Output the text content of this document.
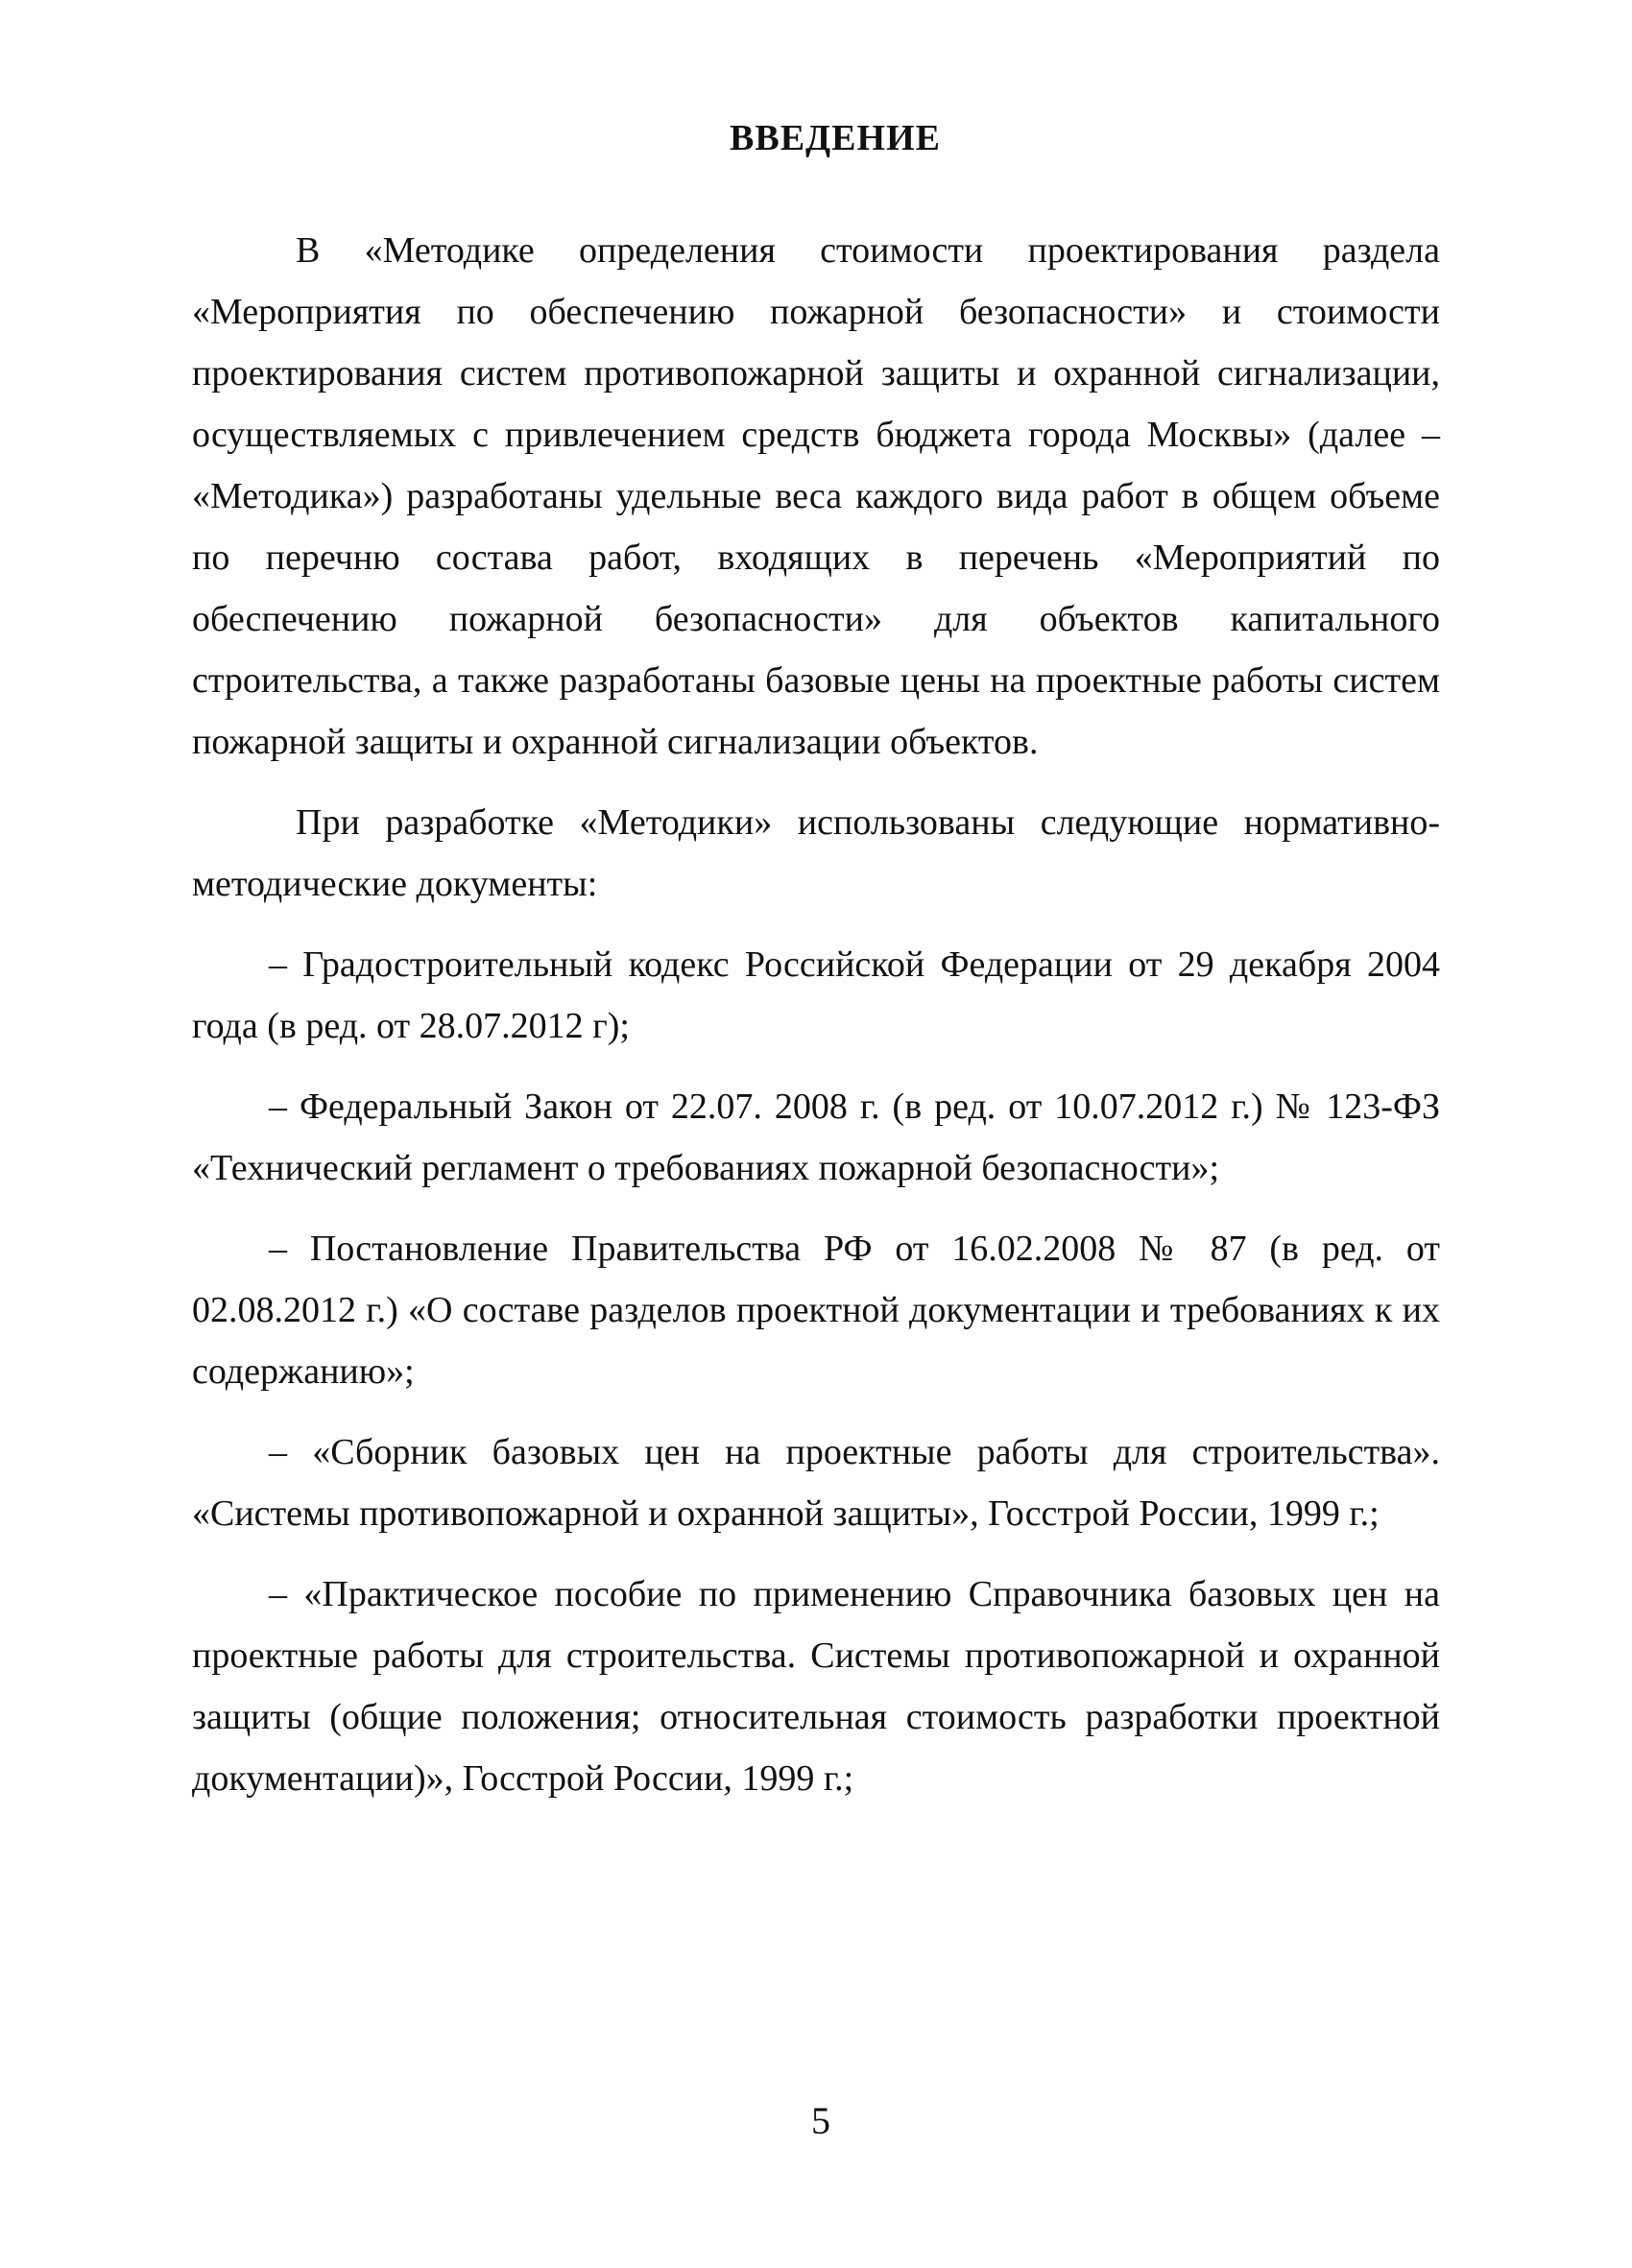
ВВЕДЕНИЕ

В «Методике определения стоимости проектирования раздела «Мероприятия по обеспечению пожарной безопасности» и стоимости проектирования систем противопожарной защиты и охранной сигнализации, осуществляемых с привлечением средств бюджета города Москвы» (далее – «Методика») разработаны удельные веса каждого вида работ в общем объеме по перечню состава работ, входящих в перечень «Мероприятий по обеспечению пожарной безопасности» для объектов капитального строительства, а также разработаны базовые цены на проектные работы систем пожарной защиты и охранной сигнализации объектов.

При разработке «Методики» использованы следующие нормативно-методические документы:

– Градостроительный кодекс Российской Федерации от 29 декабря 2004 года (в ред. от 28.07.2012 г);
– Федеральный Закон от 22.07. 2008 г. (в ред. от 10.07.2012 г.) № 123-ФЗ «Технический регламент о требованиях пожарной безопасности»;
– Постановление Правительства РФ от 16.02.2008 № 87 (в ред. от 02.08.2012 г.) «О составе разделов проектной документации и требованиях к их содержанию»;
– «Сборник базовых цен на проектные работы для строительства». «Системы противопожарной и охранной защиты», Госстрой России, 1999 г.;
– «Практическое пособие по применению Справочника базовых цен на проектные работы для строительства. Системы противопожарной и охранной защиты (общие положения; относительная стоимость разработки проектной документации)», Госстрой России, 1999 г.;
5
